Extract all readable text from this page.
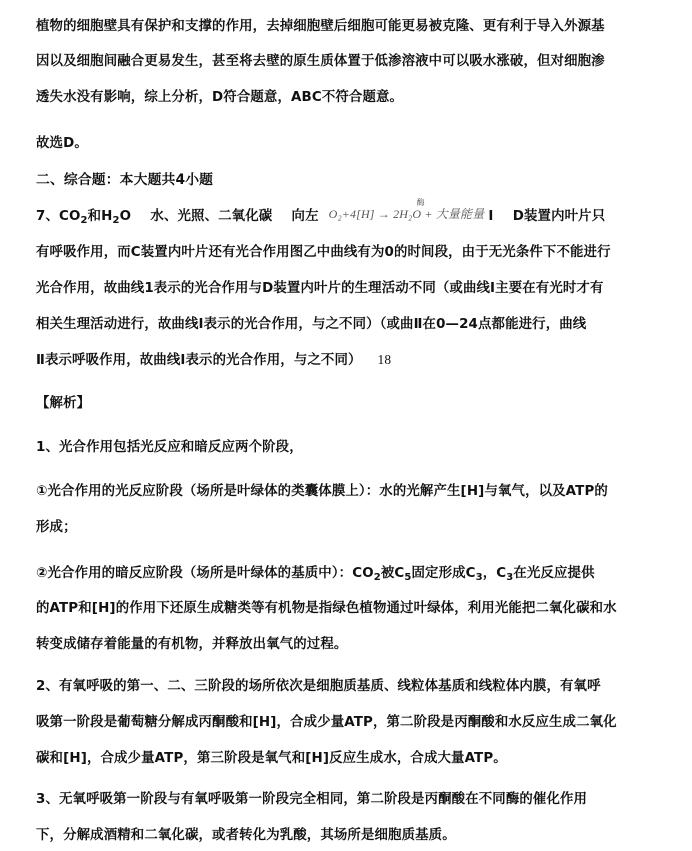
植物的细胞壁具有保护和支撑的作用，去掉细胞壁后细胞可能更易被克隆、更有利于导入外源基
因以及细胞间融合更易发生，甚至将去壁的原生质体置于低渗溶液中可以吸水涨破，但对细胞渗
透失水没有影响，综上分析，D符合题意，ABC不符合题意。
故选D。
二、综合题：本大题共4小题
7、$CO_2$和$H_2O$    水、光照、二氧化碳    向左 O₂+4[H] → 2H₂O + 大量能量
酶
Ⅰ    D装置内叶片只
有呼吸作用，而C装置内叶片还有光合作用图乙中曲线有为0的时间段，由于无光条件下不能进行
光合作用，故曲线1表示的光合作用与D装置内叶片的生理活动不同（或曲线Ⅰ主要在有光时才有
相关生理活动进行，故曲线Ⅰ表示的光合作用，与之不同）（或曲Ⅱ在0—24点都能进行，曲线
Ⅱ表示呼吸作用，故曲线Ⅰ表示的光合作用，与之不同） 18
【解析】
1、光合作用包括光反应和暗反应两个阶段，
①光合作用的光反应阶段（场所是叶绿体的类囊体膜上）：水的光解产生[H]与氧气，以及ATP的
形成；
②光合作用的暗反应阶段（场所是叶绿体的基质中）：$CO_2$被$C_5$固定形成$C_3$，$C_3$在光反应提供
的ATP和[H]的作用下还原生成糖类等有机物是指绿色植物通过叶绿体，利用光能把二氧化碳和水
转变成储存着能量的有机物，并释放出氧气的过程。
2、有氧呼吸的第一、二、三阶段的场所依次是细胞质基质、线粒体基质和线粒体内膜，有氧呼
吸第一阶段是葡萄糖分解成丙酮酸和[H]，合成少量ATP，第二阶段是丙酮酸和水反应生成二氧化
碳和[H]，合成少量ATP，第三阶段是氧气和[H]反应生成水，合成大量ATP。
3、无氧呼吸第一阶段与有氧呼吸第一阶段完全相同，第二阶段是丙酮酸在不同酶的催化作用
下，分解成酒精和二氧化碳，或者转化为乳酸，其场所是细胞质基质。
